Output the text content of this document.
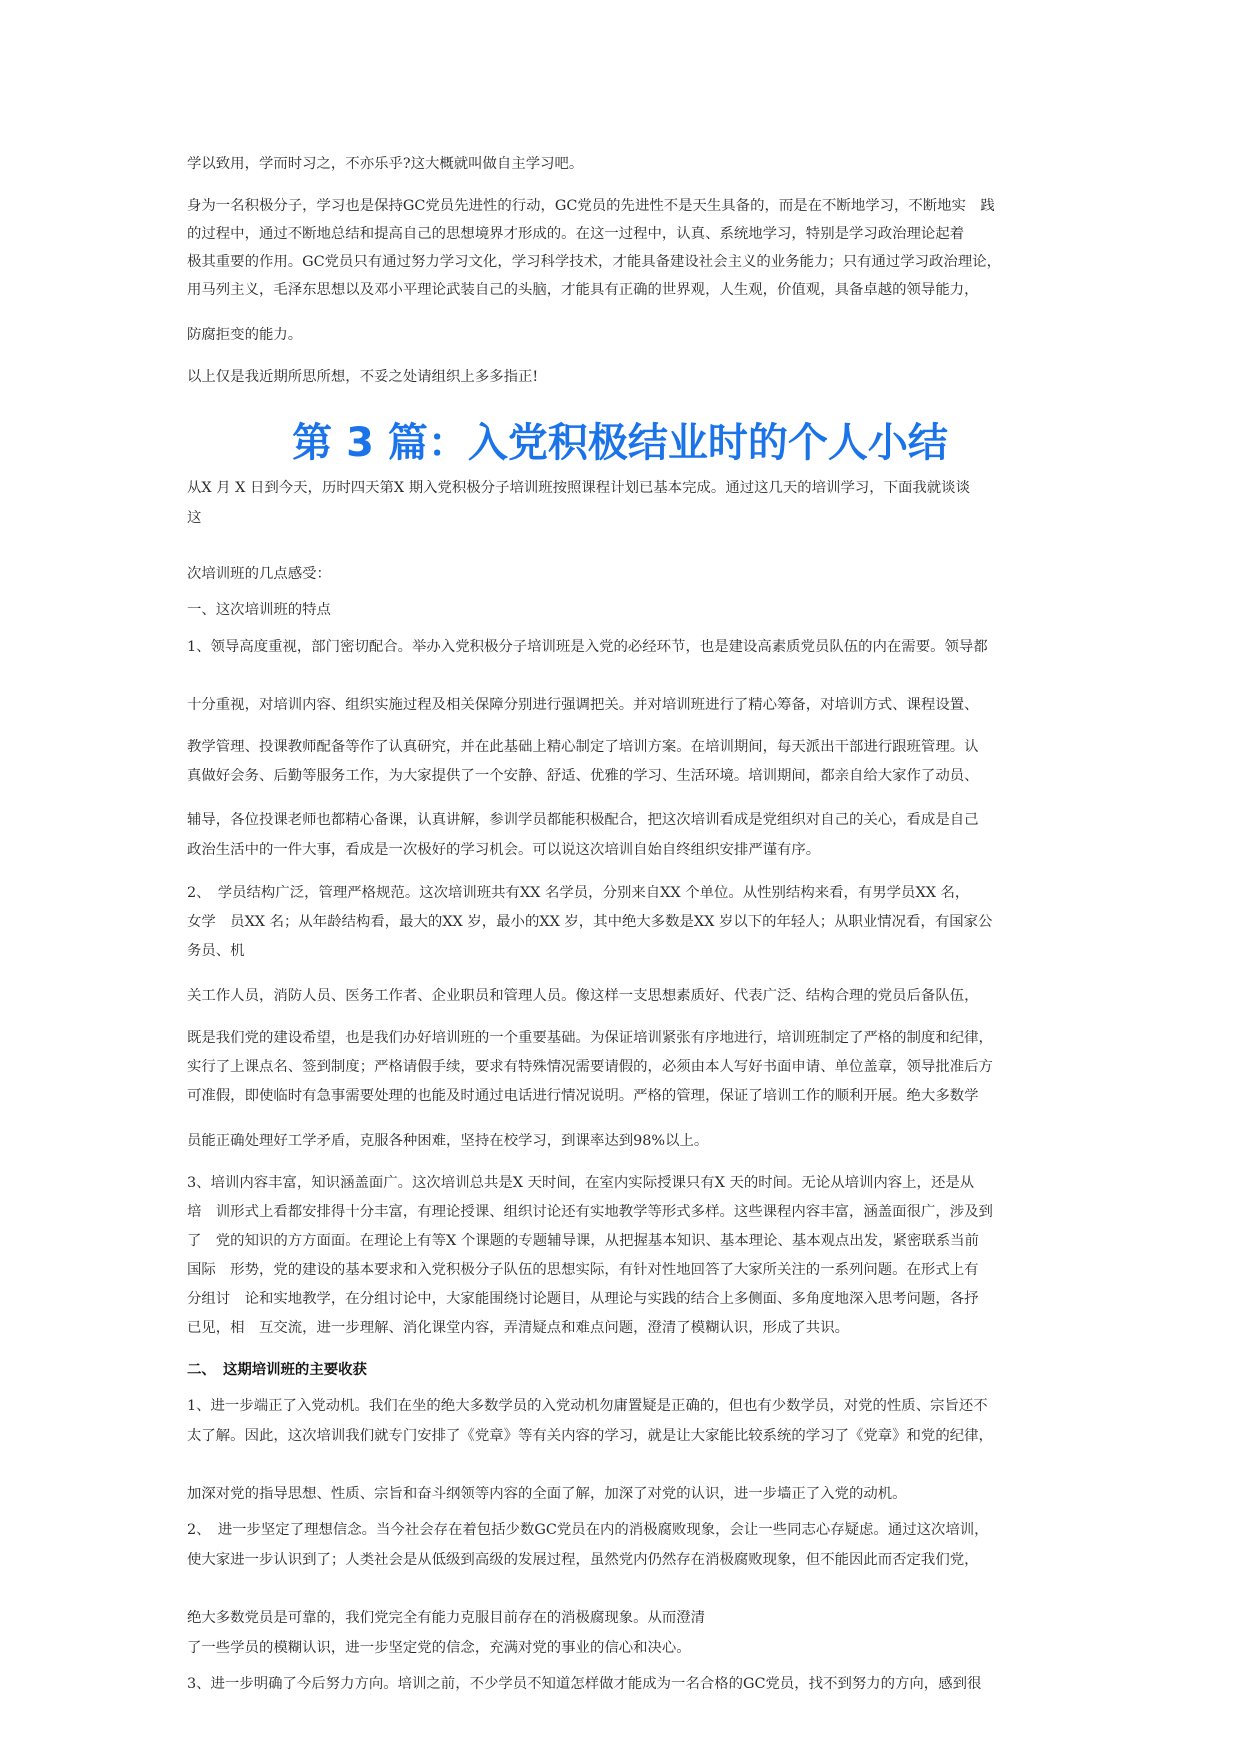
学以致用，学而时习之，不亦乐乎?这大概就叫做自主学习吧。
身为一名积极分子，学习也是保持GC党员先进性的行动，GC党员的先进性不是天生具备的，而是在不断地学习，不断地实　践
的过程中，通过不断地总结和提高自己的思想境界才形成的。在这一过程中，认真、系统地学习，特别是学习政治理论起着
极其重要的作用。GC党员只有通过努力学习文化，学习科学技术，才能具备建设社会主义的业务能力；只有通过学习政治理论，
用马列主义，毛泽东思想以及邓小平理论武装自己的头脑，才能具有正确的世界观，人生观，价值观，具备卓越的领导能力，
防腐拒变的能力。
以上仅是我近期所思所想，不妥之处请组织上多多指正!
第 3 篇：入党积极结业时的个人小结
从X 月 X 日到今天，历时四天第X 期入党积极分子培训班按照课程计划已基本完成。通过这几天的培训学习，下面我就谈谈
这
次培训班的几点感受：
一、这次培训班的特点
1、领导高度重视，部门密切配合。举办入党积极分子培训班是入党的必经环节，也是建设高素质党员队伍的内在需要。领导都
十分重视，对培训内容、组织实施过程及相关保障分别进行强调把关。并对培训班进行了精心筹备，对培训方式、课程设置、
教学管理、投课教师配备等作了认真研究，并在此基础上精心制定了培训方案。在培训期间，每天派出干部进行跟班管理。认
真做好会务、后勤等服务工作，为大家提供了一个安静、舒适、优雅的学习、生活环境。培训期间，都亲自给大家作了动员、
辅导，各位投课老师也都精心备课，认真讲解，参训学员都能积极配合，把这次培训看成是党组织对自己的关心，看成是自己
政治生活中的一件大事，看成是一次极好的学习机会。可以说这次培训自始自终组织安排严谨有序。
2、　学员结构广泛，管理严格规范。这次培训班共有XX 名学员，分别来自XX 个单位。从性别结构来看，有男学员XX 名，
女学　员XX 名；从年龄结构看，最大的XX 岁，最小的XX 岁，其中绝大多数是XX 岁以下的年轻人；从职业情况看，有国家公
务员、机
关工作人员，消防人员、医务工作者、企业职员和管理人员。像这样一支思想素质好、代表广泛、结构合理的党员后备队伍，
既是我们党的建设希望，也是我们办好培训班的一个重要基础。为保证培训紧张有序地进行，培训班制定了严格的制度和纪律，
实行了上课点名、签到制度；严格请假手续，要求有特殊情况需要请假的，必须由本人写好书面申请、单位盖章，领导批准后方
可准假，即使临时有急事需要处理的也能及时通过电话进行情况说明。严格的管理，保证了培训工作的顺利开展。绝大多数学
员能正确处理好工学矛盾，克服各种困难，坚持在校学习，到课率达到98%以上。
3、培训内容丰富，知识涵盖面广。这次培训总共是X 天时间，在室内实际授课只有X 天的时间。无论从培训内容上，还是从
培　训形式上看都安排得十分丰富，有理论授课、组织讨论还有实地教学等形式多样。这些课程内容丰富，涵盖面很广，涉及到
了　党的知识的方方面面。在理论上有等X 个课题的专题辅导课，从把握基本知识、基本理论、基本观点出发，紧密联系当前
国际　形势，党的建设的基本要求和入党积极分子队伍的思想实际，有针对性地回答了大家所关注的一系列问题。在形式上有
分组讨　论和实地教学，在分组讨论中，大家能围绕讨论题目，从理论与实践的结合上多侧面、多角度地深入思考问题，各抒
已见，相　互交流，进一步理解、消化课堂内容，弄清疑点和难点问题，澄清了模糊认识，形成了共识。
二、　这期培训班的主要收获
1、进一步端正了入党动机。我们在坐的绝大多数学员的入党动机勿庸置疑是正确的，但也有少数学员，对党的性质、宗旨还不
太了解。因此，这次培训我们就专门安排了《党章》等有关内容的学习，就是让大家能比较系统的学习了《党章》和党的纪律，
加深对党的指导思想、性质、宗旨和奋斗纲领等内容的全面了解，加深了对党的认识，进一步墙正了入党的动机。
2、　进一步坚定了理想信念。当今社会存在着包括少数GC党员在内的消极腐败现象，会让一些同志心存疑虑。通过这次培训，
使大家进一步认识到了；人类社会是从低级到高级的发展过程，虽然党内仍然存在消极腐败现象，但不能因此而否定我们党，
绝大多数党员是可靠的，我们党完全有能力克服目前存在的消极腐现象。从而澄清
了一些学员的模糊认识，进一步坚定党的信念，充满对党的事业的信心和决心。
3、进一步明确了今后努力方向。培训之前，不少学员不知道怎样做才能成为一名合格的GC党员，找不到努力的方向，感到很
